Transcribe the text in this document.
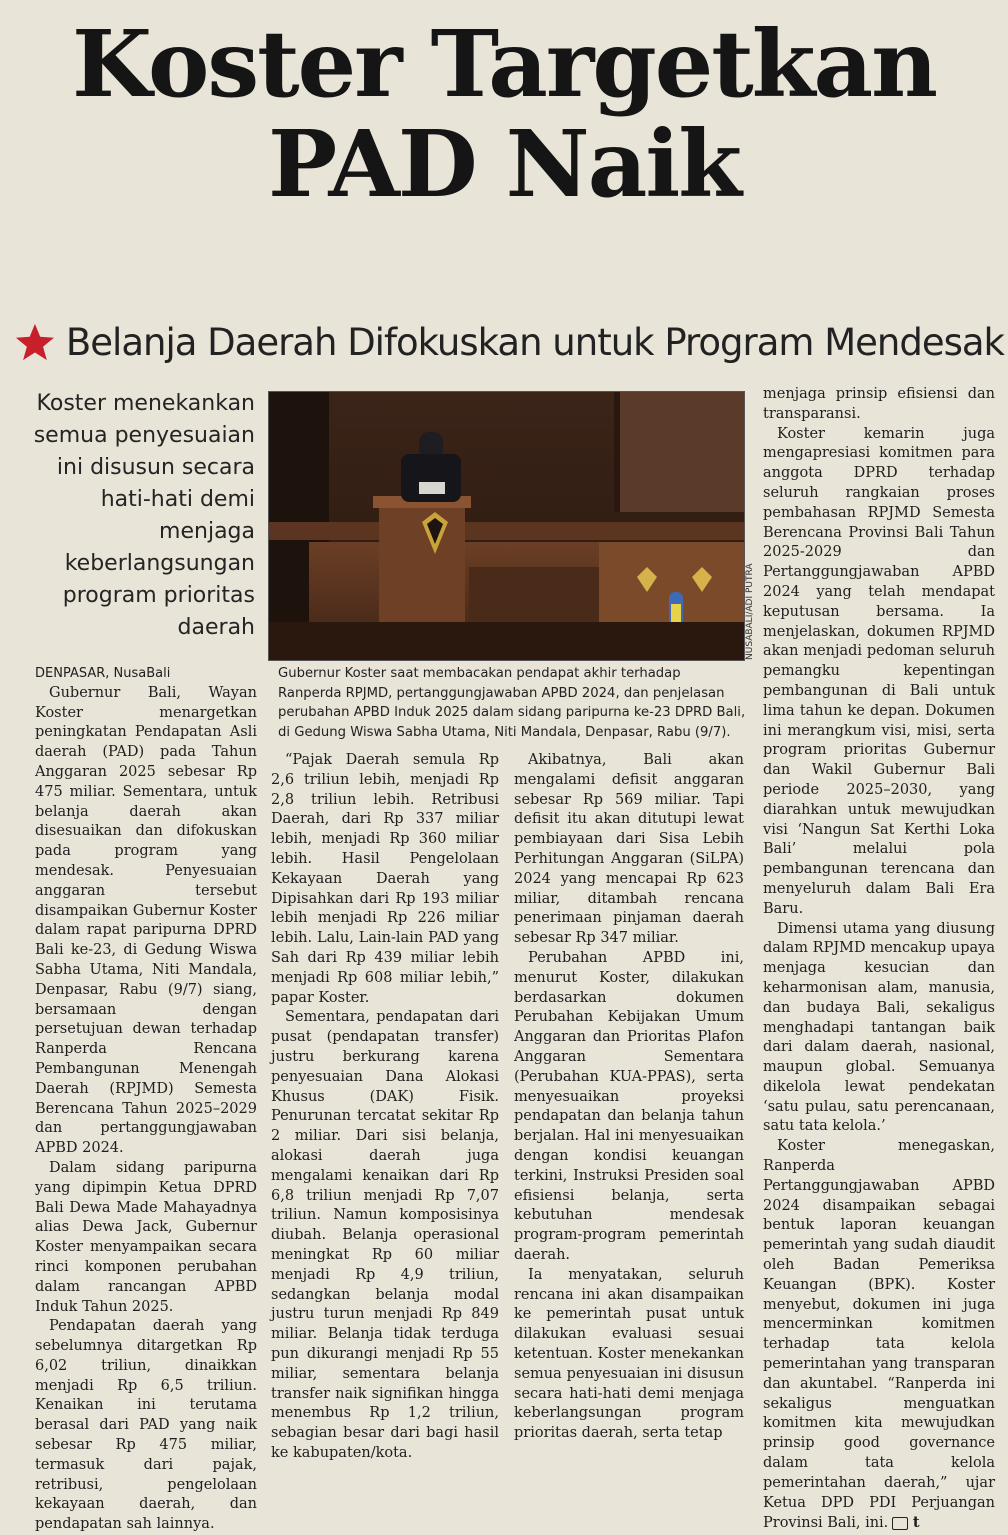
Koster Targetkan
PAD Naik
Belanja Daerah Difokuskan untuk Program Mendesak
Koster menekankan semua penyesuaian ini disusun secara hati-hati demi menjaga keberlangsungan program prioritas daerah	NUSABALI/ADI PUTRA
Gubernur Koster saat membacakan pendapat akhir terhadap Ranperda RPJMD, pertanggungjawaban APBD 2024, dan penjelasan perubahan APBD Induk 2025 dalam sidang paripurna ke-23 DPRD Bali, di Gedung Wiswa Sabha Utama, Niti Mandala, Denpasar, Rabu (9/7).

DENPASAR, NusaBali

Gubernur Bali, Wayan Koster menargetkan peningkatan Pendapatan Asli daerah (PAD) pada Tahun Anggaran 2025 sebesar Rp 475 miliar. Sementara, untuk belanja daerah akan disesuaikan dan difokuskan pada program yang mendesak. Penyesuaian anggaran tersebut disampaikan Gubernur Koster dalam rapat paripurna DPRD Bali ke-23, di Gedung Wiswa Sabha Utama, Niti Mandala, Denpasar, Rabu (9/7) siang, bersamaan dengan persetujuan dewan terhadap Ranperda Rencana Pembangunan Menengah Daerah (RPJMD) Semesta Berencana Tahun 2025–2029 dan pertanggungjawaban APBD 2024.

Dalam sidang paripurna yang dipimpin Ketua DPRD Bali Dewa Made Mahayadnya alias Dewa Jack, Gubernur Koster menyampaikan secara rinci komponen perubahan dalam rancangan APBD Induk Tahun 2025.

Pendapatan daerah yang sebelumnya ditargetkan Rp 6,02 triliun, dinaikkan menjadi Rp 6,5 triliun. Kenaikan ini terutama berasal dari PAD yang naik sebesar Rp 475 miliar, termasuk dari pajak, retribusi, pengelolaan kekayaan daerah, dan pendapatan sah lainnya.

“Pajak Daerah semula Rp 2,6 triliun lebih, menjadi Rp 2,8 triliun lebih. Retribusi Daerah, dari Rp 337 miliar lebih, menjadi Rp 360 miliar lebih. Hasil Pengelolaan Kekayaan Daerah yang Dipisahkan dari Rp 193 miliar lebih menjadi Rp 226 miliar lebih. Lalu, Lain-lain PAD yang Sah dari Rp 439 miliar lebih menjadi Rp 608 miliar lebih,” papar Koster.

Sementara, pendapatan dari pusat (pendapatan transfer) justru berkurang karena penyesuaian Dana Alokasi Khusus (DAK) Fisik. Penurunan tercatat sekitar Rp 2 miliar. Dari sisi belanja, alokasi daerah juga mengalami kenaikan dari Rp 6,8 triliun menjadi Rp 7,07 triliun. Namun komposisinya diubah. Belanja operasional meningkat Rp 60 miliar menjadi Rp 4,9 triliun, sedangkan belanja modal justru turun menjadi Rp 849 miliar. Belanja tidak terduga pun dikurangi menjadi Rp 55 miliar, sementara belanja transfer naik signifikan hingga menembus Rp 1,2 triliun, sebagian besar dari bagi hasil ke kabupaten/kota.

Akibatnya, Bali akan mengalami defisit anggaran sebesar Rp 569 miliar. Tapi defisit itu akan ditutupi lewat pembiayaan dari Sisa Lebih Perhitungan Anggaran (SiLPA) 2024 yang mencapai Rp 623 miliar, ditambah rencana penerimaan pinjaman daerah sebesar Rp 347 miliar.

Perubahan APBD ini, menurut Koster, dilakukan berdasarkan dokumen Perubahan Kebijakan Umum Anggaran dan Prioritas Plafon Anggaran Sementara (Perubahan KUA-PPAS), serta menyesuaikan proyeksi pendapatan dan belanja tahun berjalan. Hal ini menyesuaikan dengan kondisi keuangan terkini, Instruksi Presiden soal efisiensi belanja, serta kebutuhan mendesak program-program pemerintah daerah.

Ia menyatakan, seluruh rencana ini akan disampaikan ke pemerintah pusat untuk dilakukan evaluasi sesuai ketentuan. Koster menekankan semua penyesuaian ini disusun secara hati-hati demi menjaga keberlangsungan program prioritas daerah, serta tetap

menjaga prinsip efisiensi dan transparansi.

Koster kemarin juga mengapresiasi komitmen para anggota DPRD terhadap seluruh rangkaian proses pembahasan RPJMD Semesta Berencana Provinsi Bali Tahun 2025-2029 dan Pertanggungjawaban APBD 2024 yang telah mendapat keputusan bersama. Ia menjelaskan, dokumen RPJMD akan menjadi pedoman seluruh pemangku kepentingan pembangunan di Bali untuk lima tahun ke depan. Dokumen ini merangkum visi, misi, serta program prioritas Gubernur dan Wakil Gubernur Bali periode 2025–2030, yang diarahkan untuk mewujudkan visi ‘Nangun Sat Kerthi Loka Bali’ melalui pola pembangunan terencana dan menyeluruh dalam Bali Era Baru.

Dimensi utama yang diusung dalam RPJMD mencakup upaya menjaga kesucian dan keharmonisan alam, manusia, dan budaya Bali, sekaligus menghadapi tantangan baik dari dalam daerah, nasional, maupun global. Semuanya dikelola lewat pendekatan ‘satu pulau, satu perencanaan, satu tata kelola.’

Koster menegaskan, Ranperda Pertanggungjawaban APBD 2024 disampaikan sebagai bentuk laporan keuangan pemerintah yang sudah diaudit oleh Badan Pemeriksa Keuangan (BPK). Koster menyebut, dokumen ini juga mencerminkan komitmen terhadap tata kelola pemerintahan yang transparan dan akuntabel. “Ranperda ini sekaligus menguatkan komitmen kita mewujudkan prinsip good governance dalam tata kelola pemerintahan daerah,” ujar Ketua DPD PDI Perjuangan Provinsi Bali, ini. t
